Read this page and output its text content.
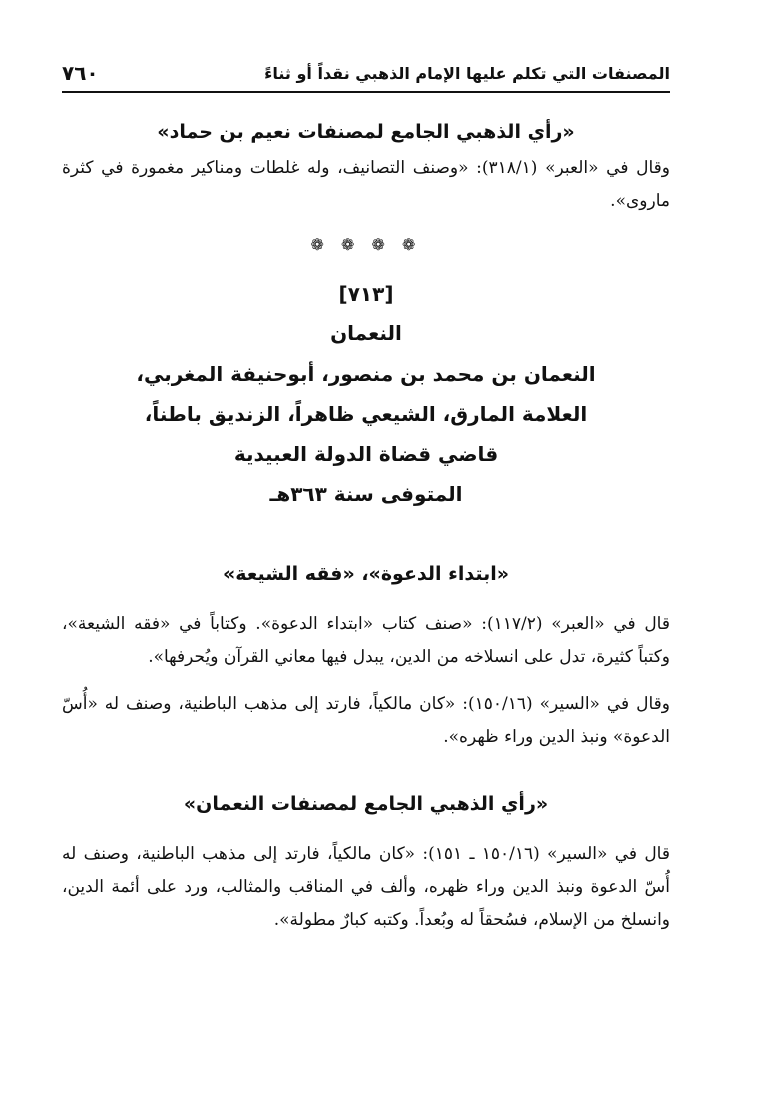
٧٦٠	المصنفات التي تكلم عليها الإمام الذهبي نقداً أو ثناءً

«رأي الذهبي الجامع لمصنفات نعيم بن حماد»

وقال في «العبر» (٣١٨/١): «وصنف التصانيف، وله غلطات ومناكير مغمورة في كثرة ماروى».

❁ ❁ ❁ ❁

[٧١٣]

النعمان

النعمان بن محمد بن منصور، أبوحنيفة المغربي،

العلامة المارق، الشيعي ظاهراً، الزنديق باطناً،

قاضي قضاة الدولة العبيدية

المتوفى سنة ٣٦٣هـ

«ابتداء الدعوة»، «فقه الشيعة»

قال في «العبر» (١١٧/٢): «صنف كتاب «ابتداء الدعوة». وكتاباً في «فقه الشيعة»، وكتباً كثيرة، تدل على انسلاخه من الدين، يبدل فيها معاني القرآن ويُحرفها».

وقال في «السير» (١٥٠/١٦): «كان مالكياً، فارتد إلى مذهب الباطنية، وصنف له «أُسّ الدعوة» ونبذ الدين وراء ظهره».

«رأي الذهبي الجامع لمصنفات النعمان»

قال في «السير» (١٥٠/١٦ ـ ١٥١): «كان مالكياً، فارتد إلى مذهب الباطنية، وصنف له أُسّ الدعوة ونبذ الدين وراء ظهره، وألف في المناقب والمثالب، ورد على أئمة الدين، وانسلخ من الإسلام، فسُحقاً له وبُعداً. وكتبه كبارٌ مطولة».
